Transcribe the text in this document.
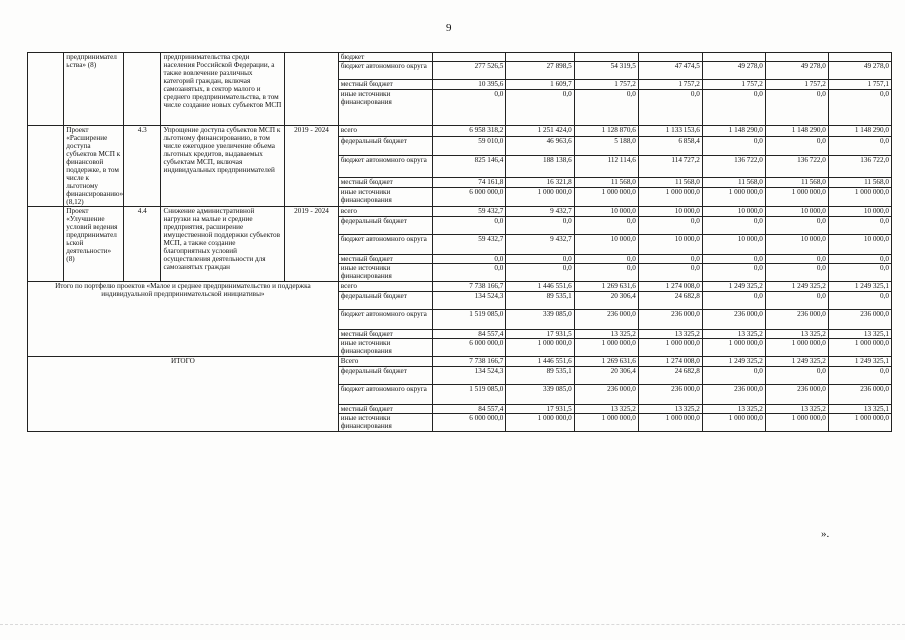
9
	предпринимател ьства» (8)		предпринимательства среди населения Российской Федерации, а также вовлечение различных категорий граждан, включая самозанятых, в сектор малого и среднего предпринимательства, в том числе создание новых субъектов МСП		бюджет							
					бюджет автономного округа	277 526,5	27 898,5	54 319,5	47 474,5	49 278,0	49 278,0	49 278,0
					местный бюджет	10 395,6	1 609,7	1 757,2	1 757,2	1 757,2	1 757,2	1 757,1
					иные источники финансирования	0,0	0,0	0,0	0,0	0,0	0,0	0,0
	Проект «Расширение доступа субъектов МСП к финансовой поддержке, в том числе к льготному финансированию» (8,12)	4.3	Упрощение доступа субъектов МСП к льготному финансированию, в том числе ежегодное увеличение объема льготных кредитов, выдаваемых субъектам МСП, включая индивидуальных предпринимателей	2019 - 2024	всего	6 958 318,2	1 251 424,0	1 128 870,6	1 133 153,6	1 148 290,0	1 148 290,0	1 148 290,0
					федеральный бюджет	59 010,0	46 963,6	5 188,0	6 858,4	0,0	0,0	0,0
					бюджет автономного округа	825 146,4	188 138,6	112 114,6	114 727,2	136 722,0	136 722,0	136 722,0
					местный бюджет	74 161,8	16 321,8	11 568,0	11 568,0	11 568,0	11 568,0	11 568,0
					иные источники финансирования	6 000 000,0	1 000 000,0	1 000 000,0	1 000 000,0	1 000 000,0	1 000 000,0	1 000 000,0
	Проект «Улучшение условий ведения предпринимател ьской деятельности» (8)	4.4	Снижение административной нагрузки на малые и средние предприятия, расширение имущественной поддержки субъектов МСП, а также создание благоприятных условий осуществления деятельности для самозанятых граждан	2019 - 2024	всего	59 432,7	9 432,7	10 000,0	10 000,0	10 000,0	10 000,0	10 000,0
					федеральный бюджет	0,0	0,0	0,0	0,0	0,0	0,0	0,0
					бюджет автономного округа	59 432,7	9 432,7	10 000,0	10 000,0	10 000,0	10 000,0	10 000,0
					местный бюджет	0,0	0,0	0,0	0,0	0,0	0,0	0,0
					иные источники финансирования	0,0	0,0	0,0	0,0	0,0	0,0	0,0
Итого по портфелю проектов «Малое и среднее предпринимательство и поддержка индивидуальной предпринимательской инициативы»					всего	7 738 166,7	1 446 551,6	1 269 631,6	1 274 008,0	1 249 325,2	1 249 325,2	1 249 325,1
					федеральный бюджет	134 524,3	89 535,1	20 306,4	24 682,8	0,0	0,0	0,0
					бюджет автономного округа	1 519 085,0	339 085,0	236 000,0	236 000,0	236 000,0	236 000,0	236 000,0
					местный бюджет	84 557,4	17 931,5	13 325,2	13 325,2	13 325,2	13 325,2	13 325,1
					иные источники финансирования	6 000 000,0	1 000 000,0	1 000 000,0	1 000 000,0	1 000 000,0	1 000 000,0	1 000 000,0
ИТОГО					Всего	7 738 166,7	1 446 551,6	1 269 631,6	1 274 008,0	1 249 325,2	1 249 325,2	1 249 325,1
					федеральный бюджет	134 524,3	89 535,1	20 306,4	24 682,8	0,0	0,0	0,0
					бюджет автономного округа	1 519 085,0	339 085,0	236 000,0	236 000,0	236 000,0	236 000,0	236 000,0
					местный бюджет	84 557,4	17 931,5	13 325,2	13 325,2	13 325,2	13 325,2	13 325,1
					иные источники финансирования	6 000 000,0	1 000 000,0	1 000 000,0	1 000 000,0	1 000 000,0	1 000 000,0	1 000 000,0
».
